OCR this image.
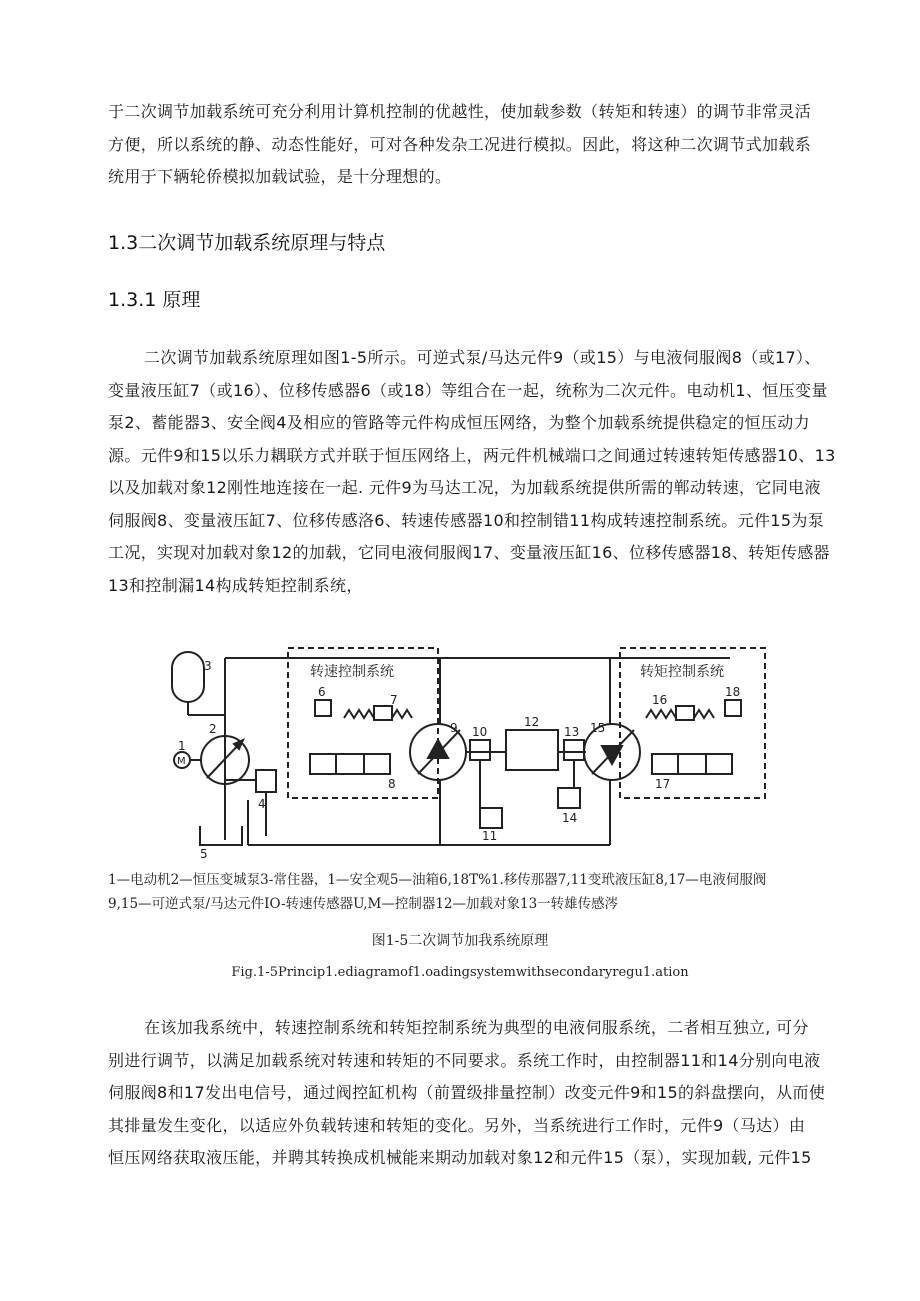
于二次调节加载系统可充分利用计算机控制的优越性，使加载参数（转矩和转速）的调节非常灵活
方便，所以系统的静、动态性能好，可对各种发杂工况进行模拟。因此，将这种二次调节式加载系
统用于下辆轮侨模拟加载试验，是十分理想的。
1.3二次调节加载系统原理与特点
1.3.1 原理
二次调节加载系统原理如图1-5所示。可逆式泵/马达元件9（或15）与电液伺服阀8（或17）、
变量液压缸7（或16）、位移传感器6（或18）等组合在一起，统称为二次元件。电动机1、恒压变量
泵2、蓄能器3、安全阀4及相应的管路等元件构成恒压网络，为整个加载系统提供稳定的恒压动力
源。元件9和15以乐力耦联方式并联于恒压网络上，两元件机械端口之间通过转速转矩传感器10、13
以及加载对象12刚性地连接在一起. 元件9为马达工况，为加载系统提供所需的郸动转速，它同电液
伺服阀8、变量液压缸7、位移传感洛6、转速传感器10和控制错11构成转速控制系统。元件15为泵
工况，实现对加载对象12的加载，它同电液伺服阀17、变量液压缸16、位移传感器18、转矩传感器
13和控制漏14构成转矩控制系统，
转速控制系统	转矩控制系统
3
1
2
4
5
6
7
8
9 10
11
12
13
14
15
16
17
18
M
1—电动机2—恒压变城泵3-常住器，1—安全观5—油箱6,18T%1.移传那器7,11变玳液压缸8,17—电液伺服阀
9,15—可逆式泵/马达元件IO-转速传感器U,M—控制器12—加载对象13一转雄传感涔
图1-5二次调节加我系统原理
Fig.1-5Princip1.ediagramof1.oadingsystemwithsecondaryregu1.ation
在该加我系统中，转速控制系统和转矩控制系统为典型的电液伺服系统，二者相互独立, 可分
别进行调节，以满足加载系统对转速和转矩的不同要求。系统工作时，由控制器11和14分别向电液
伺服阀8和17发出电信号，通过阀控缸机构（前置级排量控制）改变元件9和15的斜盘摆向，从而使
其排量发生变化，以适应外负载转速和转矩的变化。另外，当系统进行工作时，元件9（马达）由
恒压网络获取液压能，并聘其转换成机械能来期动加载对象12和元件15（泵），实现加载, 元件15
